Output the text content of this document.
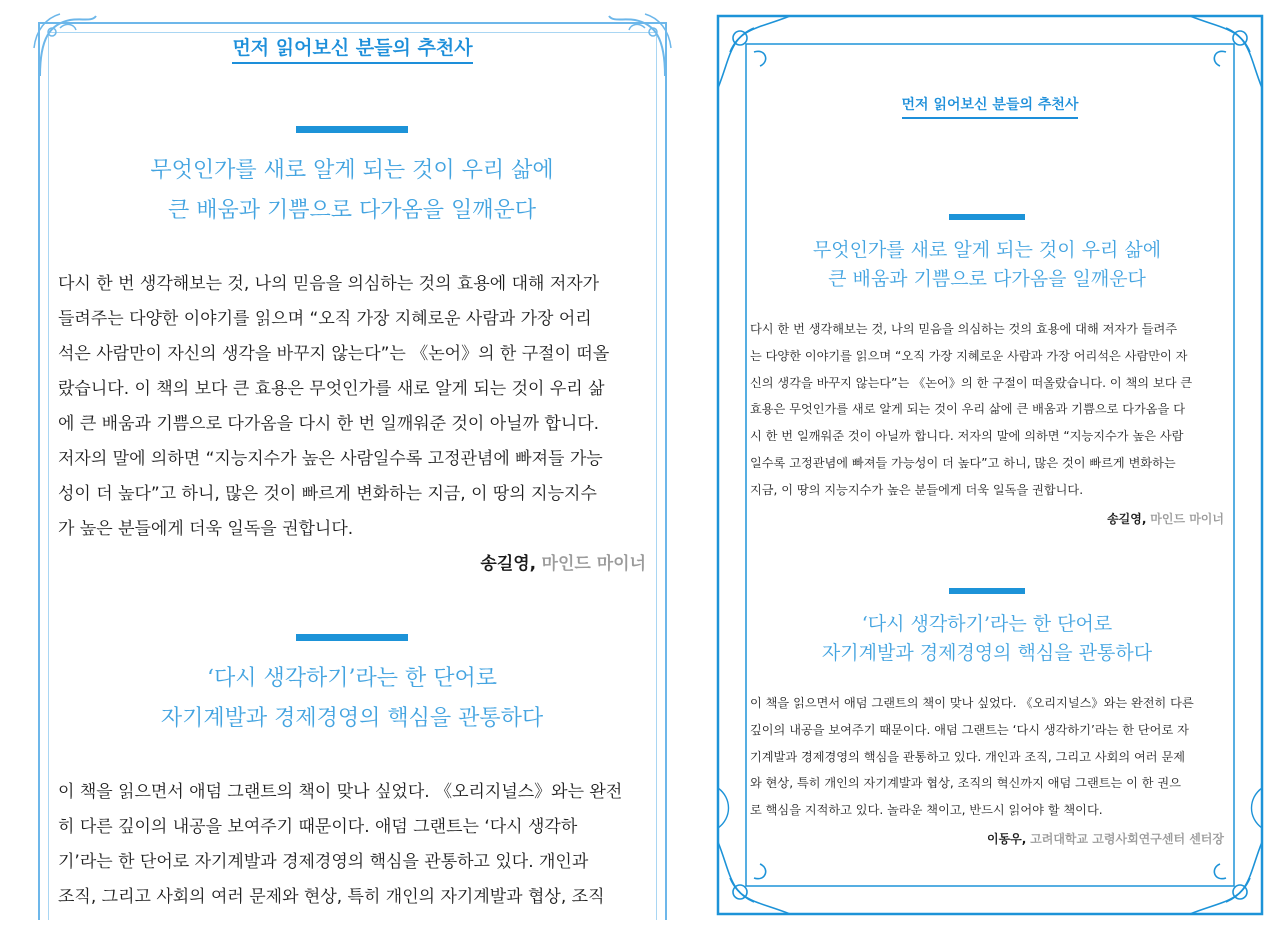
먼저 읽어보신 분들의 추천사
무엇인가를 새로 알게 되는 것이 우리 삶에
큰 배움과 기쁨으로 다가옴을 일깨운다
다시 한 번 생각해보는 것, 나의 믿음을 의심하는 것의 효용에 대해 저자가
들려주는 다양한 이야기를 읽으며 “오직 가장 지혜로운 사람과 가장 어리
석은 사람만이 자신의 생각을 바꾸지 않는다”는 《논어》의 한 구절이 떠올
랐습니다. 이 책의 보다 큰 효용은 무엇인가를 새로 알게 되는 것이 우리 삶
에 큰 배움과 기쁨으로 다가옴을 다시 한 번 일깨워준 것이 아닐까 합니다.
저자의 말에 의하면 “지능지수가 높은 사람일수록 고정관념에 빠져들 가능
성이 더 높다”고 하니, 많은 것이 빠르게 변화하는 지금, 이 땅의 지능지수
가 높은 분들에게 더욱 일독을 권합니다.
송길영, 마인드 마이너
‘다시 생각하기’라는 한 단어로
자기계발과 경제경영의 핵심을 관통하다
이 책을 읽으면서 애덤 그랜트의 책이 맞나 싶었다. 《오리지널스》와는 완전
히 다른 깊이의 내공을 보여주기 때문이다. 애덤 그랜트는 ‘다시 생각하
기’라는 한 단어로 자기계발과 경제경영의 핵심을 관통하고 있다. 개인과
조직, 그리고 사회의 여러 문제와 현상, 특히 개인의 자기계발과 협상, 조직
먼저 읽어보신 분들의 추천사
무엇인가를 새로 알게 되는 것이 우리 삶에
큰 배움과 기쁨으로 다가옴을 일깨운다
다시 한 번 생각해보는 것, 나의 믿음을 의심하는 것의 효용에 대해 저자가 들려주
는 다양한 이야기를 읽으며 “오직 가장 지혜로운 사람과 가장 어리석은 사람만이 자
신의 생각을 바꾸지 않는다”는 《논어》의 한 구절이 떠올랐습니다. 이 책의 보다 큰
효용은 무엇인가를 새로 알게 되는 것이 우리 삶에 큰 배움과 기쁨으로 다가옴을 다
시 한 번 일깨워준 것이 아닐까 합니다. 저자의 말에 의하면 “지능지수가 높은 사람
일수록 고정관념에 빠져들 가능성이 더 높다”고 하니, 많은 것이 빠르게 변화하는
지금, 이 땅의 지능지수가 높은 분들에게 더욱 일독을 권합니다.
송길영, 마인드 마이너
‘다시 생각하기’라는 한 단어로
자기계발과 경제경영의 핵심을 관통하다
이 책을 읽으면서 애덤 그랜트의 책이 맞나 싶었다. 《오리지널스》와는 완전히 다른
깊이의 내공을 보여주기 때문이다. 애덤 그랜트는 ‘다시 생각하기’라는 한 단어로 자
기계발과 경제경영의 핵심을 관통하고 있다. 개인과 조직, 그리고 사회의 여러 문제
와 현상, 특히 개인의 자기계발과 협상, 조직의 혁신까지 애덤 그랜트는 이 한 권으
로 핵심을 지적하고 있다. 놀라운 책이고, 반드시 읽어야 할 책이다.
이동우, 고려대학교 고령사회연구센터 센터장
